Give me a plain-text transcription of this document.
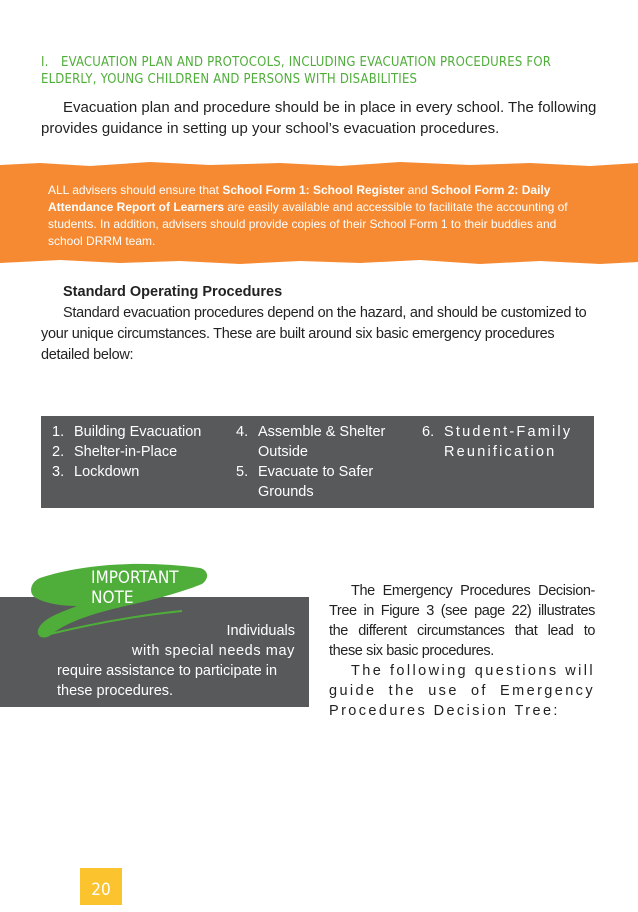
I. EVACUATION PLAN AND PROTOCOLS, INCLUDING EVACUATION PROCEDURES FOR ELDERLY, YOUNG CHILDREN AND PERSONS WITH DISABILITIES
Evacuation plan and procedure should be in place in every school. The following provides guidance in setting up your school’s evacuation procedures.
ALL advisers should ensure that School Form 1: School Register and School Form 2: Daily Attendance Report of Learners are easily available and accessible to facilitate the accounting of students. In addition, advisers should provide copies of their School Form 1 to their buddies and school DRRM team.
Standard Operating Procedures
Standard evacuation procedures depend on the hazard, and should be customized to your unique circumstances. These are built around six basic emergency procedures detailed below:
1. Building Evacuation
2. Shelter-in-Place
3. Lockdown
4. Assemble & Shelter Outside
5. Evacuate to Safer Grounds
6. Student-Family Reunification
IMPORTANT
NOTE
Individuals
with special needs may
require assistance to participate in these procedures.

The Emergency Procedures Decision-Tree in Figure 3 (see page 22) illustrates the different circumstances that lead to these six basic procedures.

The following questions will guide the use of Emergency Procedures Decision Tree:

20
